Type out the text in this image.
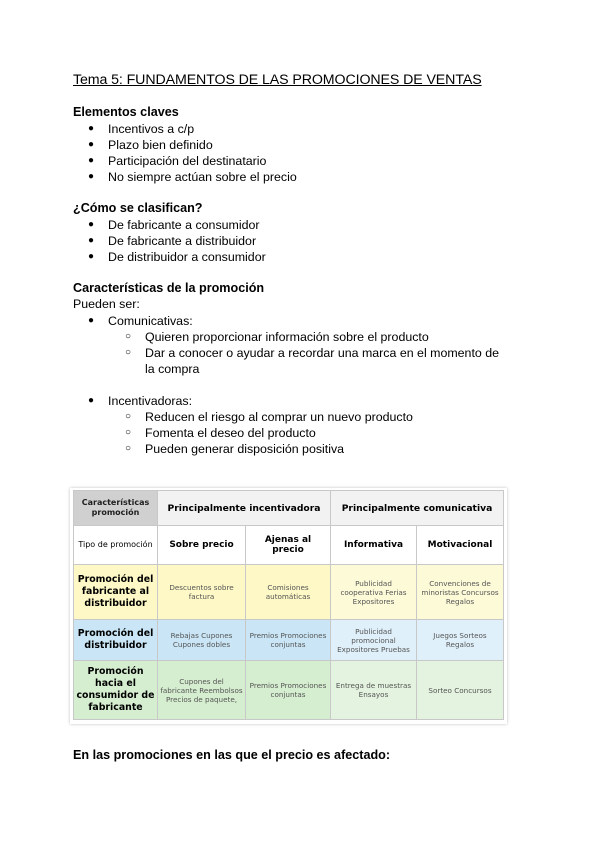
Tema 5: FUNDAMENTOS DE LAS PROMOCIONES DE VENTAS
Elementos claves
● Incentivos a c/p
● Plazo bien definido
● Participación del destinatario
● No siempre actúan sobre el precio
¿Cómo se clasifican?
● De fabricante a consumidor
● De fabricante a distribuidor
● De distribuidor a consumidor
Características de la promoción
Pueden ser:
● Comunicativas:
○ Quieren proporcionar información sobre el producto
○ Dar a conocer o ayudar a recordar una marca en el momento de la compra
● Incentivadoras:
○ Reducen el riesgo al comprar un nuevo producto
○ Fomenta el deseo del producto
○ Pueden generar disposición positiva
Características promoción	Principalmente incentivadora		Principalmente comunicativa	
Tipo de promoción	Sobre precio	Ajenas al precio	Informativa	Motivacional
Promoción del fabricante al distribuidor	Descuentos sobre factura	Comisiones automáticas	Publicidad cooperativa Ferias Expositores	Convenciones de minoristas Concursos Regalos
Promoción del distribuidor	Rebajas Cupones Cupones dobles	Premios Promociones conjuntas	Publicidad promocional Expositores Pruebas	Juegos Sorteos Regalos
Promoción hacia el consumidor de fabricante	Cupones del fabricante Reembolsos Precios de paquete,	Premios Promociones conjuntas	Entrega de muestras Ensayos	Sorteo Concursos
En las promociones en las que el precio es afectado:
